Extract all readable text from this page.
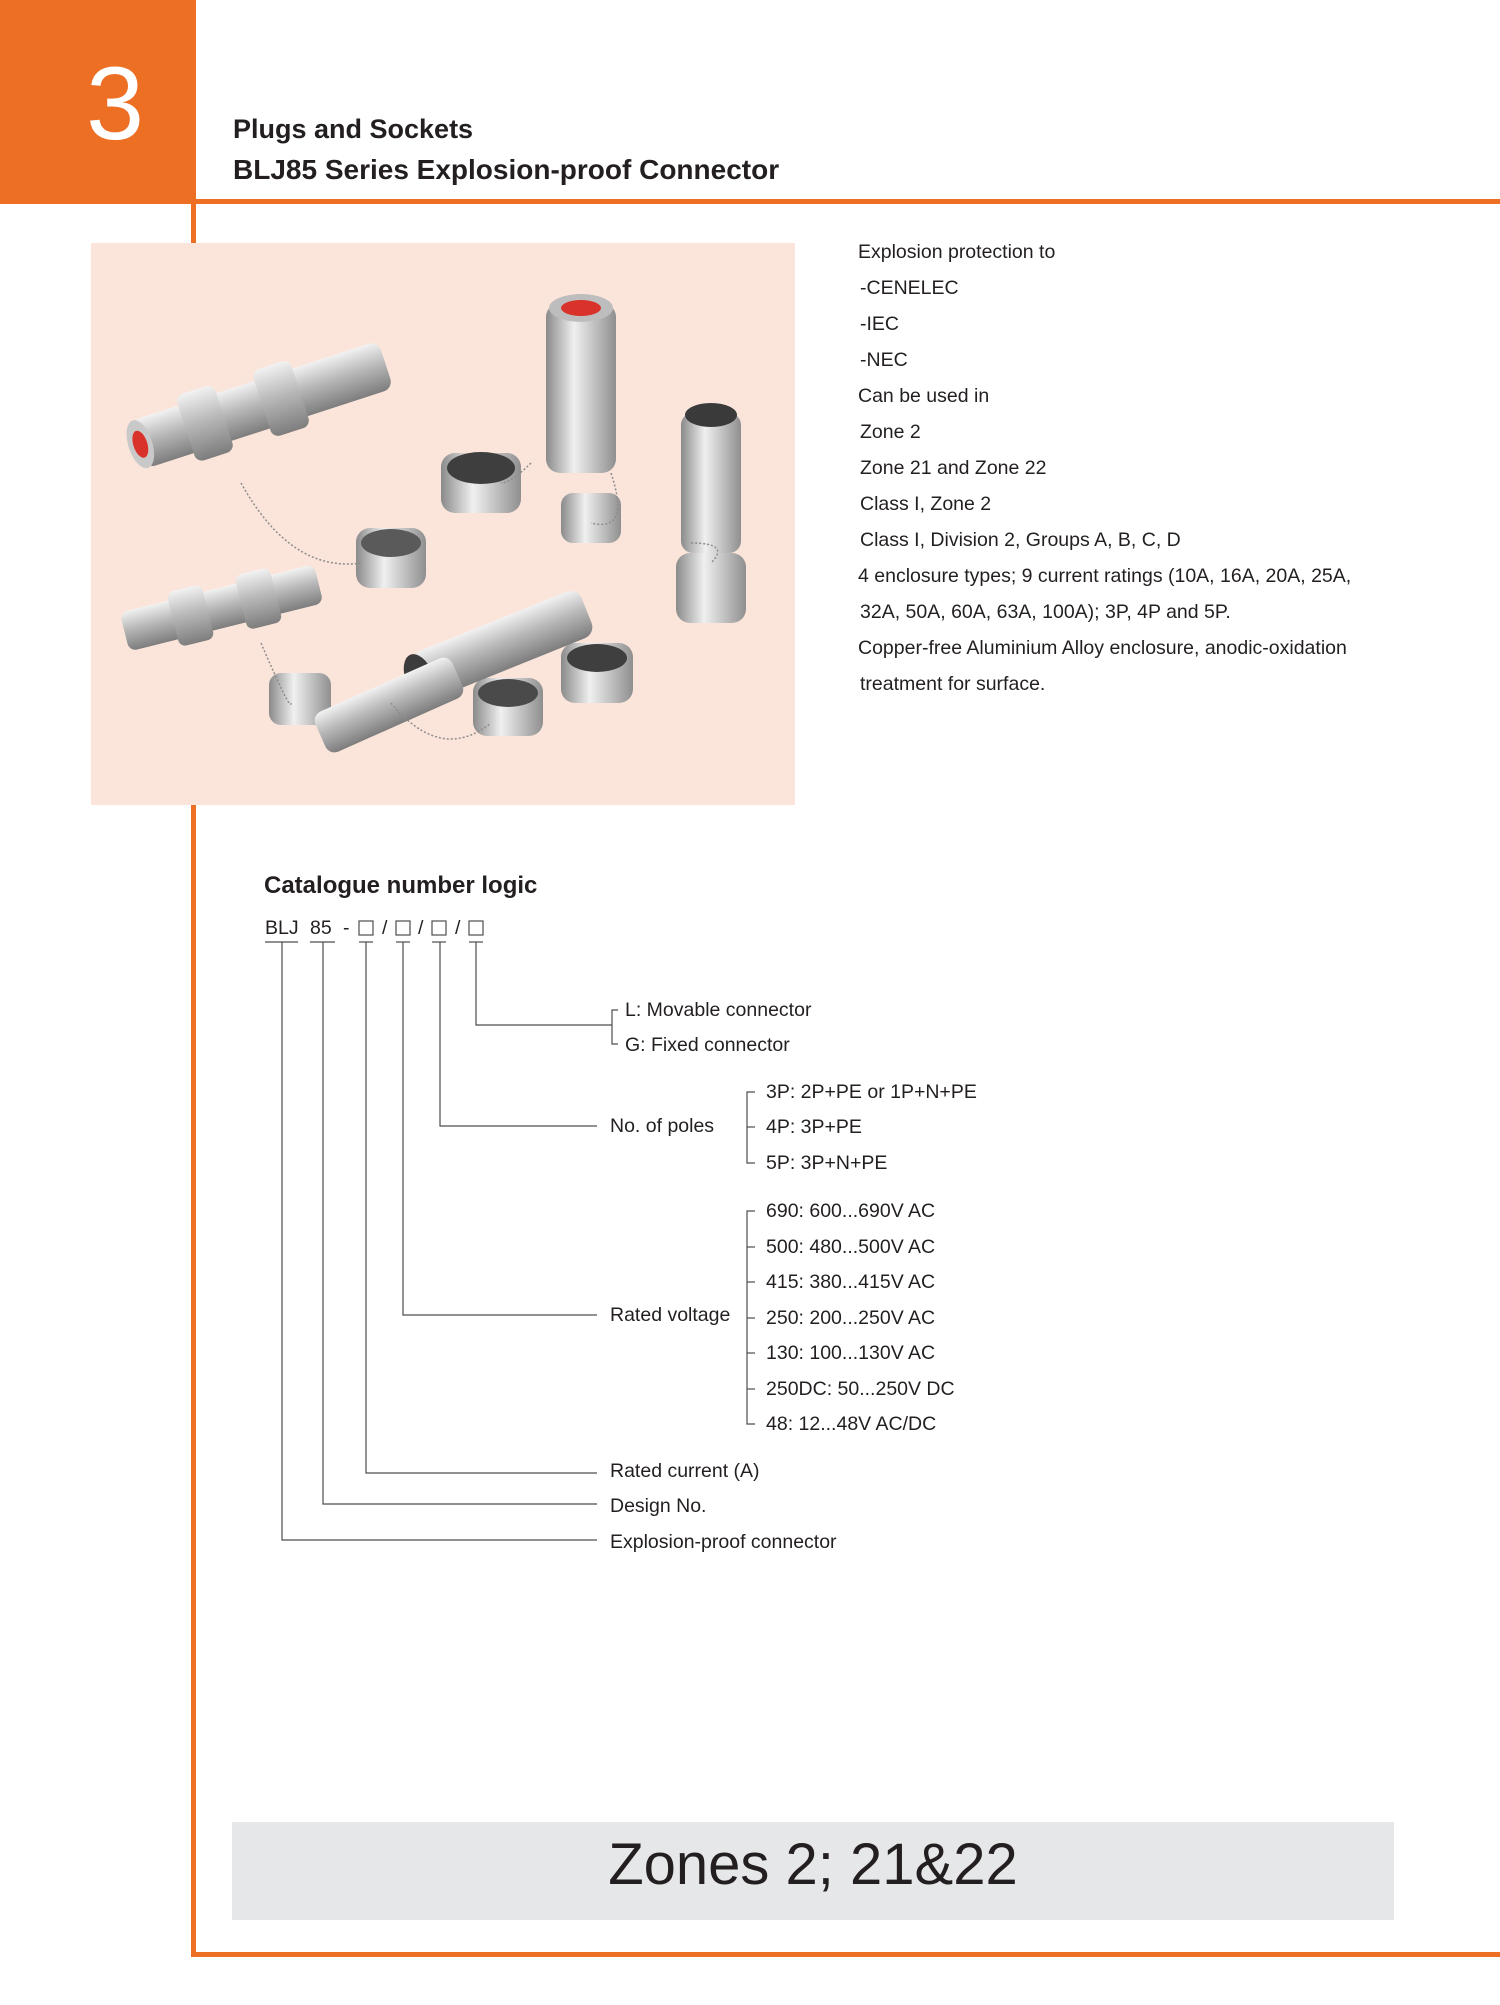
3	Plugs and Sockets
BLJ85 Series Explosion-proof Connector
Explosion protection to
-CENELEC
-IEC
-NEC
Can be used in
Zone 2
Zone 21 and Zone 22
Class I, Zone 2
Class I, Division 2, Groups A, B, C, D
4 enclosure types; 9 current ratings (10A, 16A, 20A, 25A,
32A, 50A, 60A, 63A, 100A); 3P, 4P and 5P.
Copper-free Aluminium Alloy enclosure, anodic-oxidation
treatment for surface.
Catalogue number logic
BLJ 85 - / / /
L: Movable connector
G: Fixed connector
No. of poles
3P: 2P+PE or 1P+N+PE
4P: 3P+PE
5P: 3P+N+PE
Rated voltage
690: 600...690V AC
500: 480...500V AC
415: 380...415V AC
250: 200...250V AC
130: 100...130V AC
250DC: 50...250V DC
48: 12...48V AC/DC
Rated current (A)
Design No.
Explosion-proof connector
Zones 2; 21&22
